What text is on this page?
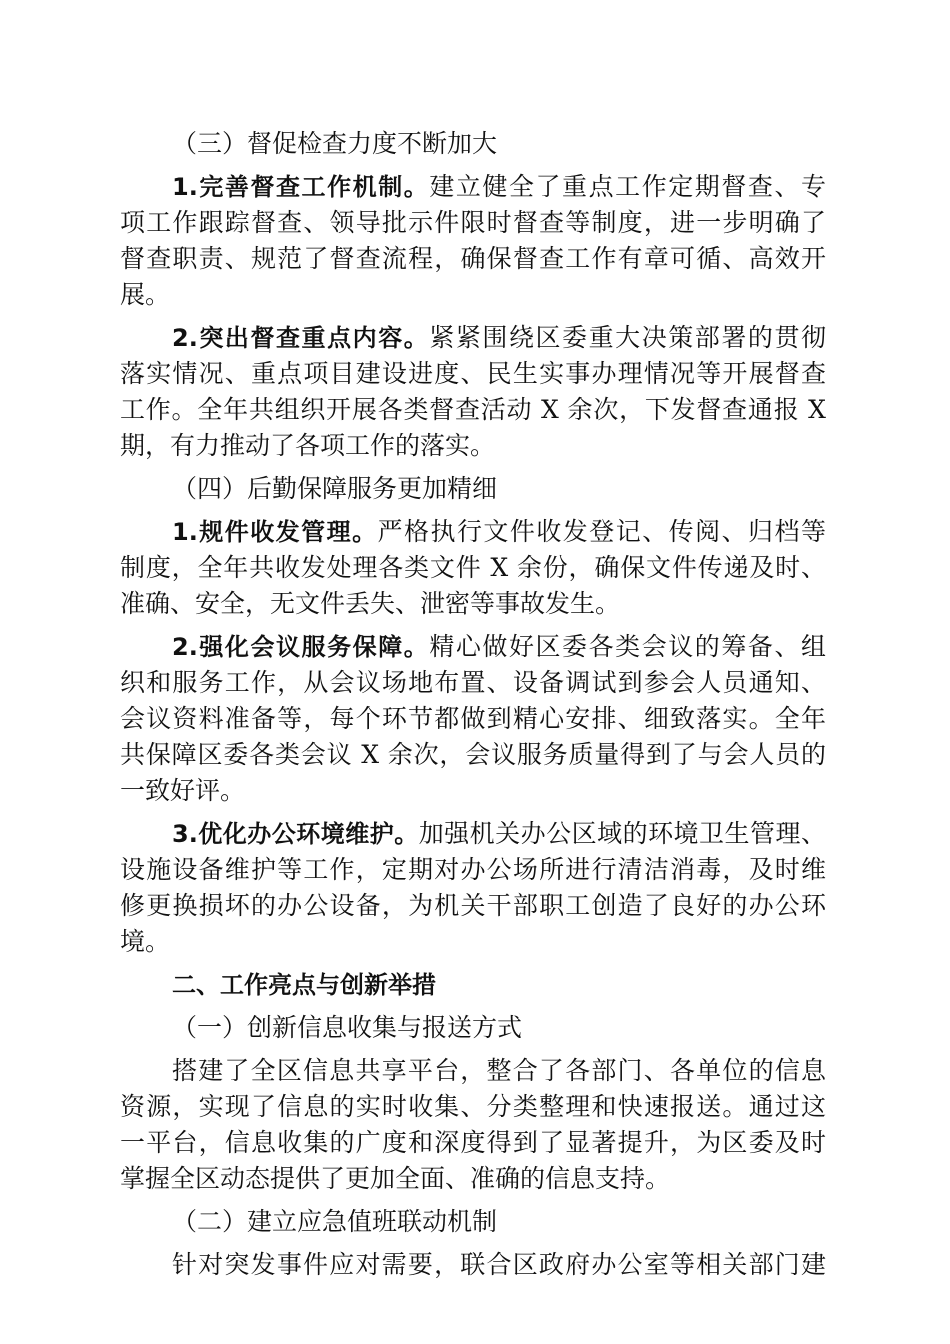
（三）督促检查力度不断加大

1.完善督查工作机制。建立健全了重点工作定期督查、专

项工作跟踪督查、领导批示件限时督查等制度，进一步明确了

督查职责、规范了督查流程，确保督查工作有章可循、高效开

展。

2.突出督查重点内容。紧紧围绕区委重大决策部署的贯彻

落实情况、重点项目建设进度、民生实事办理情况等开展督查

工作。全年共组织开展各类督查活动 X 余次，下发督查通报 X

期，有力推动了各项工作的落实。

（四）后勤保障服务更加精细

1.规件收发管理。严格执行文件收发登记、传阅、归档等

制度，全年共收发处理各类文件 X 余份，确保文件传递及时、

准确、安全，无文件丢失、泄密等事故发生。

2.强化会议服务保障。精心做好区委各类会议的筹备、组

织和服务工作，从会议场地布置、设备调试到参会人员通知、

会议资料准备等，每个环节都做到精心安排、细致落实。全年

共保障区委各类会议 X 余次，会议服务质量得到了与会人员的

一致好评。

3.优化办公环境维护。加强机关办公区域的环境卫生管理、

设施设备维护等工作，定期对办公场所进行清洁消毒，及时维

修更换损坏的办公设备，为机关干部职工创造了良好的办公环

境。

二、工作亮点与创新举措

（一）创新信息收集与报送方式

搭建了全区信息共享平台，整合了各部门、各单位的信息

资源，实现了信息的实时收集、分类整理和快速报送。通过这

一平台，信息收集的广度和深度得到了显著提升，为区委及时

掌握全区动态提供了更加全面、准确的信息支持。

（二）建立应急值班联动机制

针对突发事件应对需要，联合区政府办公室等相关部门建
